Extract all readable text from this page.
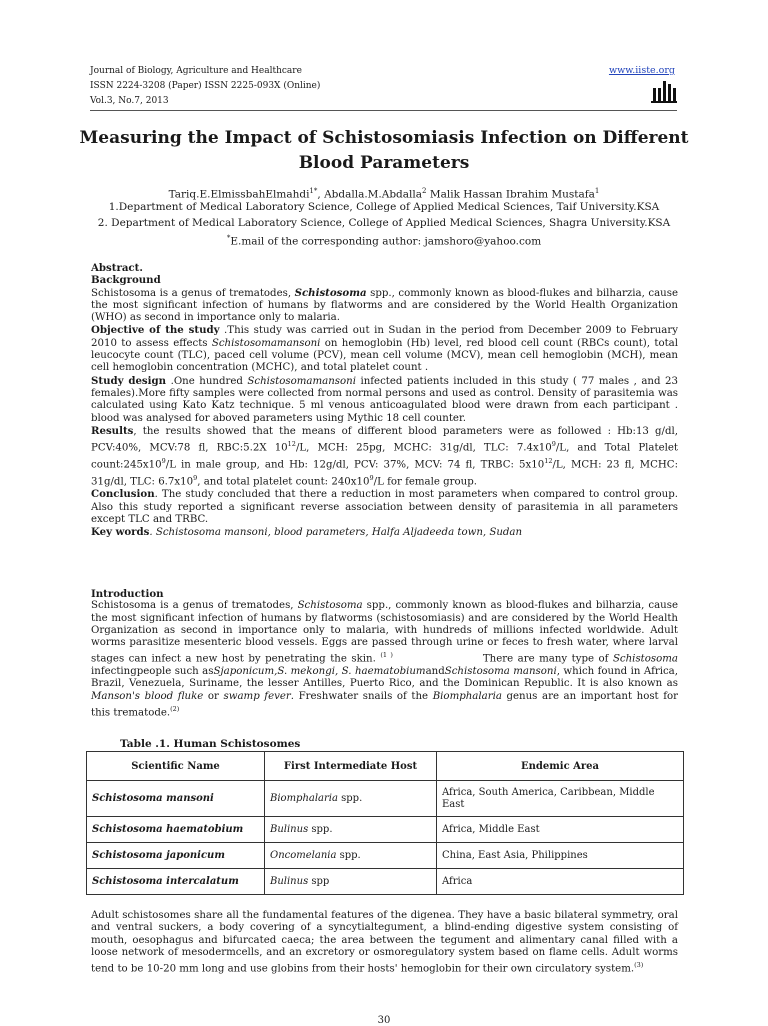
Journal of Biology, Agriculture and Healthcare
ISSN 2224-3208 (Paper) ISSN 2225-093X (Online)
Vol.3, No.7, 2013
www.iiste.org
Measuring the Impact of Schistosomiasis Infection on Different
Blood Parameters
Tariq.E.ElmissbahElmahdi$^{1*}$, Abdalla.M.Abdalla$^2$ Malik Hassan Ibrahim Mustafa$^1$
1.Department of Medical Laboratory Science, College of Applied Medical Sciences, Taif University.KSA
2. Department of Medical Laboratory Science, College of Applied Medical Sciences, Shagra University.KSA
*E.mail of the corresponding author: jamshoro@yahoo.com

Abstract.

Background

Schistosoma is a genus of trematodes, Schistosoma spp., commonly known as blood-flukes and bilharzia, cause the most significant infection of humans by flatworms and are considered by the World Health Organization (WHO) as second in importance only to malaria.

Objective of the study .This study was carried out in Sudan in the period from December 2009 to February 2010 to assess effects Schistosomamansoni on hemoglobin (Hb) level, red blood cell count (RBCs count), total leucocyte count (TLC), paced cell volume (PCV), mean cell volume (MCV), mean cell hemoglobin (MCH), mean cell hemoglobin concentration (MCHC), and total platelet count .

Study design .One hundred Schistosomamansoni infected patients included in this study ( 77 males , and 23 females).More fifty samples were collected from normal persons and used as control. Density of parasitemia was calculated using Kato Katz technique. 5 ml venous anticoagulated blood were drawn from each participant . blood was analysed for aboved parameters using Mythic 18 cell counter.

Results, the results showed that the means of different blood parameters were as followed : Hb:13 g/dl, PCV:40%, MCV:78 fl, RBC:5.2X $10^{12}/L$, MCH: 25pg, MCHC: 31g/dl, TLC: $7.4x10^9/L$, and Total Platelet $count:245x10^9/L$ in male group, and Hb: 12g/dl, PCV: 37%, MCV: 74 fl, TRBC: $5x10^{12}/L$, MCH: 23 fl, MCHC: 31g/dl, TLC: $6.7x10^9$, and total platelet count: $240x10^9/L$ for female group.

Conclusion. The study concluded that there a reduction in most parameters when compared to control group. Also this study reported a significant reverse association between density of parasitemia in all parameters except TLC and TRBC.

Key words. Schistosoma mansoni, blood parameters, Halfa Aljadeeda town, Sudan

Introduction

Schistosoma is a genus of trematodes, Schistosoma spp., commonly known as blood-flukes and bilharzia, cause the most significant infection of humans by flatworms (schistosomiasis) and are considered by the World Health Organization as second in importance only to malaria, with hundreds of millions infected worldwide. Adult worms parasitize mesenteric blood vessels. Eggs are passed through urine or feces to fresh water, where larval stages can infect a new host by penetrating the skin. $^{(1 )}$                    There are many type of Schistosoma infectingpeople such asSjaponicum,S. mekongi, S. haematobiumandSchistosoma mansoni, which found in Africa, Brazil, Venezuela, Suriname, the lesser Antilles, Puerto Rico, and the Dominican Republic. It is also known as Manson's blood fluke or swamp fever. Freshwater snails of the Biomphalaria genus are an important host for this trematode.$^{(2)}$

Table .1. Human Schistosomes
Scientific Name	First Intermediate Host	Endemic Area
Schistosoma mansoni	Biomphalaria spp.	Africa, South America, Caribbean, Middle East
Schistosoma haematobium	Bulinus spp.	Africa, Middle East
Schistosoma japonicum	Oncomelania spp.	China, East Asia, Philippines
Schistosoma intercalatum	Bulinus spp	Africa

Adult schistosomes share all the fundamental features of the digenea. They have a basic bilateral symmetry, oral and ventral suckers, a body covering of a syncytialtegument, a blind-ending digestive system consisting of mouth, oesophagus and bifurcated caeca; the area between the tegument and alimentary canal filled with a loose network of mesodermcells, and an excretory or osmoregulatory system based on flame cells. Adult worms tend to be 10-20 mm long and use globins from their hosts' hemoglobin for their own circulatory system.$^{(3)}$

30
